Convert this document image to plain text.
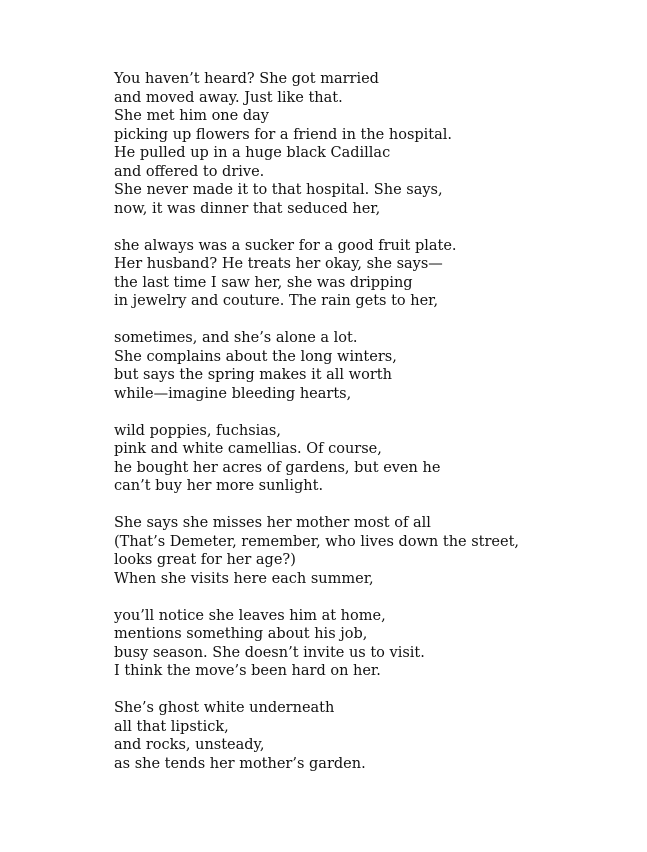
You haven’t heard? She got married
and moved away. Just like that.
She met him one day
picking up flowers for a friend in the hospital.
He pulled up in a huge black Cadillac
and offered to drive.
She never made it to that hospital. She says,
now, it was dinner that seduced her,
she always was a sucker for a good fruit plate.
Her husband? He treats her okay, she says—
the last time I saw her, she was dripping
in jewelry and couture. The rain gets to her,
sometimes, and she’s alone a lot.
She complains about the long winters,
but says the spring makes it all worth
while—imagine bleeding hearts,
wild poppies, fuchsias,
pink and white camellias. Of course,
he bought her acres of gardens, but even he
can’t buy her more sunlight.
She says she misses her mother most of all
(That’s Demeter, remember, who lives down the street,
looks great for her age?)
When she visits here each summer,
you’ll notice she leaves him at home,
mentions something about his job,
busy season. She doesn’t invite us to visit.
I think the move’s been hard on her.
She’s ghost white underneath
all that lipstick,
and rocks, unsteady,
as she tends her mother’s garden.
